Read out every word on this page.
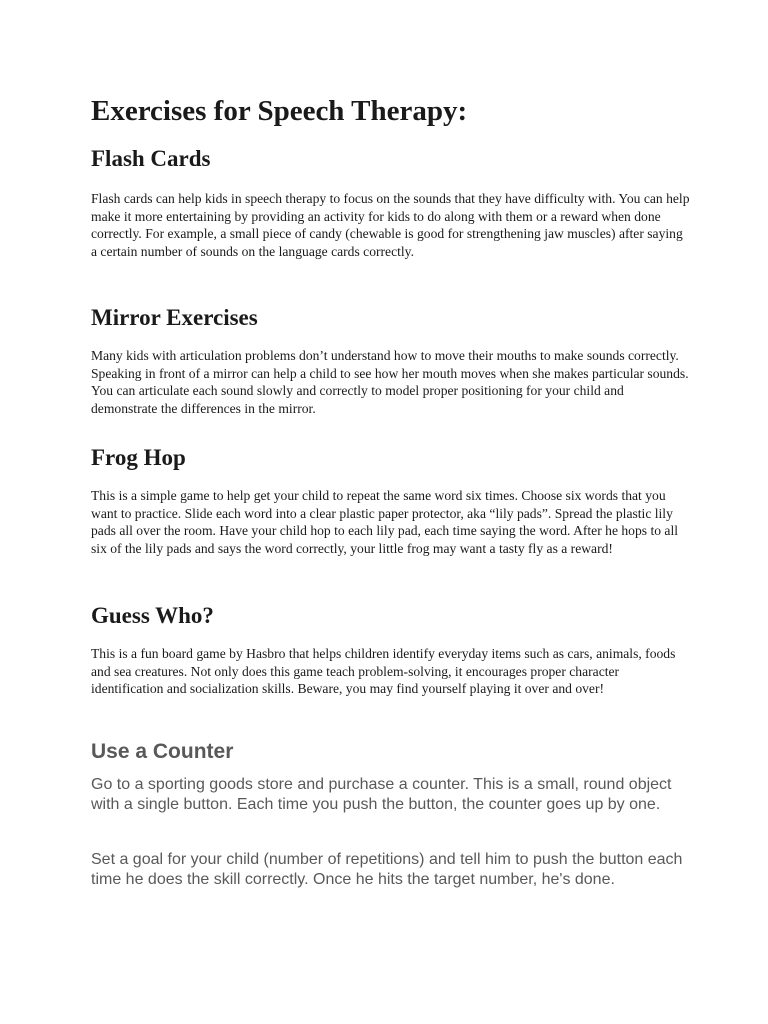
Exercises for Speech Therapy:
Flash Cards

Flash cards can help kids in speech therapy to focus on the sounds that they have difficulty with. You can help make it more entertaining by providing an activity for kids to do along with them or a reward when done correctly. For example, a small piece of candy (chewable is good for strengthening jaw muscles) after saying a certain number of sounds on the language cards correctly.

Mirror Exercises

Many kids with articulation problems don’t understand how to move their mouths to make sounds correctly. Speaking in front of a mirror can help a child to see how her mouth moves when she makes particular sounds. You can articulate each sound slowly and correctly to model proper positioning for your child and demonstrate the differences in the mirror.

Frog Hop

This is a simple game to help get your child to repeat the same word six times. Choose six words that you want to practice. Slide each word into a clear plastic paper protector, aka “lily pads”. Spread the plastic lily pads all over the room. Have your child hop to each lily pad, each time saying the word. After he hops to all six of the lily pads and says the word correctly, your little frog may want a tasty fly as a reward!

Guess Who?

This is a fun board game by Hasbro that helps children identify everyday items such as cars, animals, foods and sea creatures. Not only does this game teach problem-solving, it encourages proper character identification and socialization skills. Beware, you may find yourself playing it over and over!

Use a Counter

Go to a sporting goods store and purchase a counter. This is a small, round object with a single button. Each time you push the button, the counter goes up by one.

Set a goal for your child (number of repetitions) and tell him to push the button each time he does the skill correctly. Once he hits the target number, he's done.
